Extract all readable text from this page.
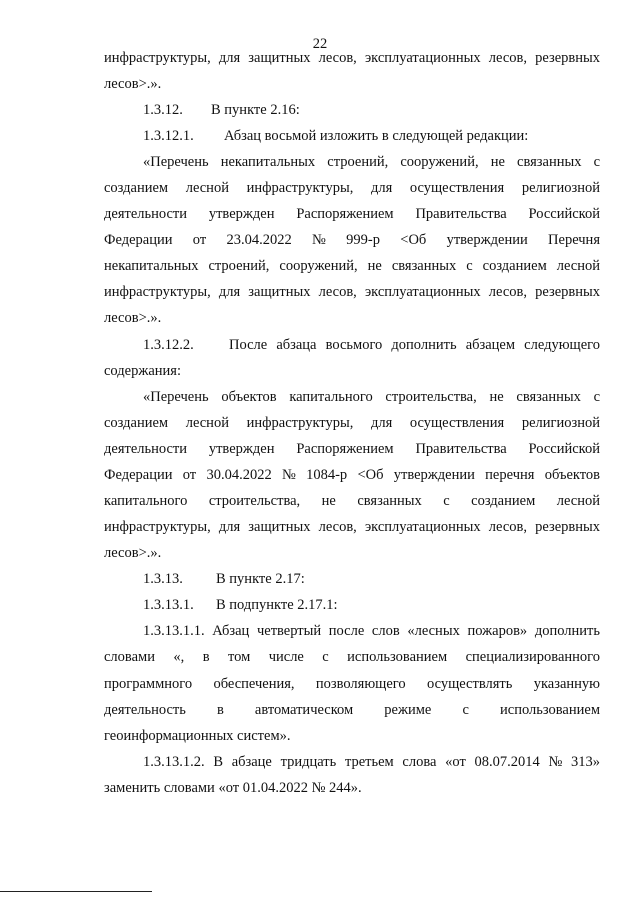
22
инфраструктуры, для защитных лесов, эксплуатационных лесов, резервных
лесов>.».
1.3.12. В пункте 2.16:
1.3.12.1. Абзац восьмой изложить в следующей редакции:
«Перечень некапитальных строений, сооружений, не связанных с
созданием лесной инфраструктуры, для осуществления религиозной
деятельности утвержден Распоряжением Правительства Российской
Федерации от 23.04.2022 № 999-р <Об утверждении Перечня
некапитальных строений, сооружений, не связанных с созданием лесной
инфраструктуры, для защитных лесов, эксплуатационных лесов, резервных
лесов>.».
1.3.12.2. После абзаца восьмого дополнить абзацем следующего
содержания:
«Перечень объектов капитального строительства, не связанных с
созданием лесной инфраструктуры, для осуществления религиозной
деятельности утвержден Распоряжением Правительства Российской
Федерации от 30.04.2022 № 1084-р <Об утверждении перечня объектов
капитального строительства, не связанных с созданием лесной
инфраструктуры, для защитных лесов, эксплуатационных лесов, резервных
лесов>.».
1.3.13. В пункте 2.17:
1.3.13.1. В подпункте 2.17.1:
1.3.13.1.1. Абзац четвертый после слов «лесных пожаров» дополнить
словами «, в том числе с использованием специализированного
программного обеспечения, позволяющего осуществлять указанную
деятельность в автоматическом режиме с использованием
геоинформационных систем».
1.3.13.1.2. В абзаце тридцать третьем слова «от 08.07.2014 № 313»
заменить словами «от 01.04.2022 № 244».
